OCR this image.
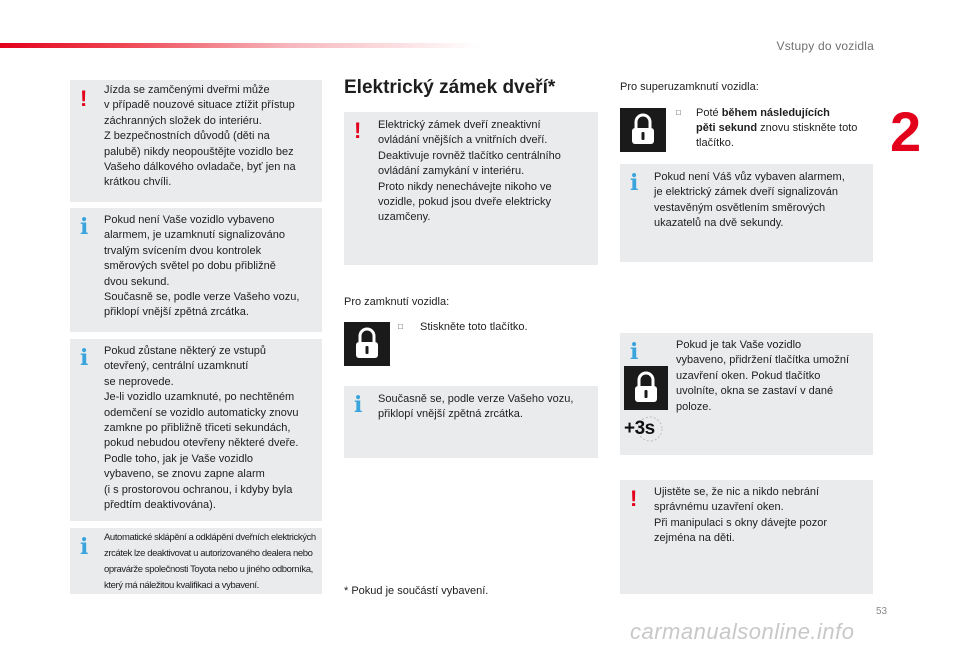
Vstupy do vozidla
2
53
! Jízda se zamčenými dveřmi může
v případě nouzové situace ztížit přístup
záchranných složek do interiéru.
Z bezpečnostních důvodů (děti na
palubě) nikdy neopouštějte vozidlo bez
Vašeho dálkového ovladače, byť jen na
krátkou chvíli.
i Pokud není Vaše vozidlo vybaveno
alarmem, je uzamknutí signalizováno
trvalým svícením dvou kontrolek
směrových světel po dobu přibližně
dvou sekund.
Současně se, podle verze Vašeho vozu,
přiklopí vnější zpětná zrcátka.
i Pokud zůstane některý ze vstupů
otevřený, centrální uzamknutí
se neprovede.
Je-li vozidlo uzamknuté, po nechtěném
odemčení se vozidlo automaticky znovu
zamkne po přibližně třiceti sekundách,
pokud nebudou otevřeny některé dveře.
Podle toho, jak je Vaše vozidlo
vybaveno, se znovu zapne alarm
(i s prostorovou ochranou, i kdyby byla
předtím deaktivována).
i Automatické sklápění a odklápění dveřních elektrických
zrcátek lze deaktivovat u autorizovaného dealera nebo
opravárže společnosti Toyota nebo u jiného odborníka,
který má náležitou kvalifikaci a vybavení.
Elektrický zámek dveří*
! Elektrický zámek dveří zneaktivní
ovládání vnějších a vnitřních dveří.
Deaktivuje rovněž tlačítko centrálního
ovládání zamykání v interiéru.
Proto nikdy nenechávejte nikoho ve
vozidle, pokud jsou dveře elektricky
uzamčeny.
Pro zamknutí vozidla:
□ Stiskněte toto tlačítko.
i Současně se, podle verze Vašeho vozu,
přiklopí vnější zpětná zrcátka.
* Pokud je součástí vybavení.
Pro superuzamknutí vozidla:
□ Poté během následujících
pěti sekund znovu stiskněte toto
tlačítko.
i Pokud není Váš vůz vybaven alarmem,
je elektrický zámek dveří signalizován
vestavěným osvětlením směrových
ukazatelů na dvě sekundy.
i	Pokud je tak Vaše vozidlo
vybaveno, přidržení tlačítka umožní
uzavření oken. Pokud tlačítko
uvolníte, okna se zastaví v dané
poloze.
+3s
! Ujistěte se, že nic a nikdo nebrání
správnému uzavření oken.
Při manipulaci s okny dávejte pozor
zejména na děti.
carmanualsonline.info
